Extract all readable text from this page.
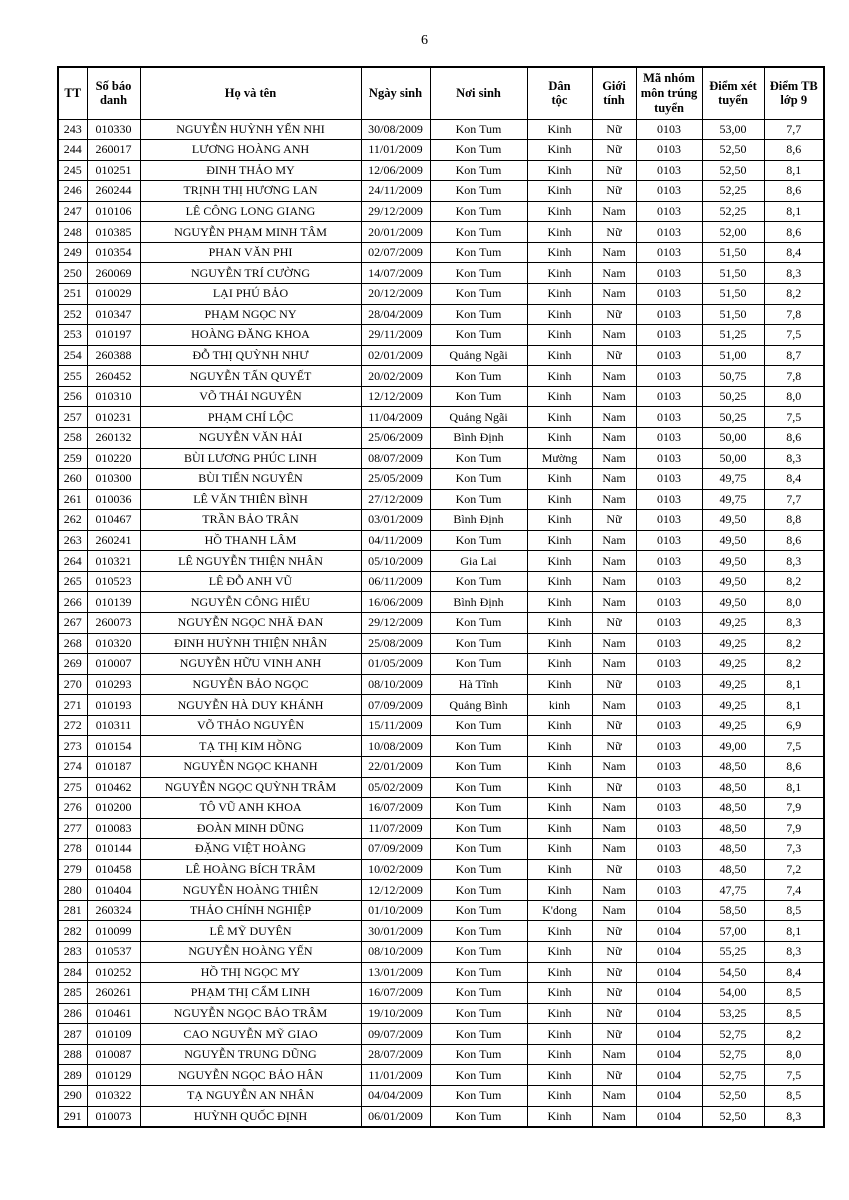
6
TT	Số báo danh	Họ và tên	Ngày sinh	Nơi sinh	Dân tộc	Giới tính	Mã nhóm môn trúng tuyển	Điểm xét tuyển	Điểm TB lớp 9
243	010330	NGUYỄN HUỲNH YẾN NHI	30/08/2009	Kon Tum	Kinh	Nữ	0103	53,00	7,7
244	260017	LƯƠNG HOÀNG ANH	11/01/2009	Kon Tum	Kinh	Nữ	0103	52,50	8,6
245	010251	ĐINH THẢO MY	12/06/2009	Kon Tum	Kinh	Nữ	0103	52,50	8,1
246	260244	TRỊNH THỊ HƯƠNG LAN	24/11/2009	Kon Tum	Kinh	Nữ	0103	52,25	8,6
247	010106	LÊ CÔNG LONG GIANG	29/12/2009	Kon Tum	Kinh	Nam	0103	52,25	8,1
248	010385	NGUYỄN PHẠM MINH TÂM	20/01/2009	Kon Tum	Kinh	Nữ	0103	52,00	8,6
249	010354	PHAN VĂN PHI	02/07/2009	Kon Tum	Kinh	Nam	0103	51,50	8,4
250	260069	NGUYỄN TRÍ CƯỜNG	14/07/2009	Kon Tum	Kinh	Nam	0103	51,50	8,3
251	010029	LẠI PHÚ BẢO	20/12/2009	Kon Tum	Kinh	Nam	0103	51,50	8,2
252	010347	PHẠM NGỌC NY	28/04/2009	Kon Tum	Kinh	Nữ	0103	51,50	7,8
253	010197	HOÀNG ĐĂNG KHOA	29/11/2009	Kon Tum	Kinh	Nam	0103	51,25	7,5
254	260388	ĐỖ THỊ QUỲNH NHƯ	02/01/2009	Quảng Ngãi	Kinh	Nữ	0103	51,00	8,7
255	260452	NGUYỄN TẤN QUYẾT	20/02/2009	Kon Tum	Kinh	Nam	0103	50,75	7,8
256	010310	VÕ THÁI NGUYÊN	12/12/2009	Kon Tum	Kinh	Nam	0103	50,25	8,0
257	010231	PHẠM CHÍ LỘC	11/04/2009	Quảng Ngãi	Kinh	Nam	0103	50,25	7,5
258	260132	NGUYỄN VĂN HẢI	25/06/2009	Bình Định	Kinh	Nam	0103	50,00	8,6
259	010220	BÙI LƯƠNG PHÚC LINH	08/07/2009	Kon Tum	Mường	Nam	0103	50,00	8,3
260	010300	BÙI TIẾN NGUYÊN	25/05/2009	Kon Tum	Kinh	Nam	0103	49,75	8,4
261	010036	LÊ VĂN THIÊN BÌNH	27/12/2009	Kon Tum	Kinh	Nam	0103	49,75	7,7
262	010467	TRẦN BẢO TRÂN	03/01/2009	Bình Định	Kinh	Nữ	0103	49,50	8,8
263	260241	HỒ THANH LÂM	04/11/2009	Kon Tum	Kinh	Nam	0103	49,50	8,6
264	010321	LÊ NGUYỄN THIỆN NHÂN	05/10/2009	Gia Lai	Kinh	Nam	0103	49,50	8,3
265	010523	LÊ ĐỖ ANH VŨ	06/11/2009	Kon Tum	Kinh	Nam	0103	49,50	8,2
266	010139	NGUYỄN CÔNG HIẾU	16/06/2009	Bình Định	Kinh	Nam	0103	49,50	8,0
267	260073	NGUYỄN NGỌC NHÃ ĐAN	29/12/2009	Kon Tum	Kinh	Nữ	0103	49,25	8,3
268	010320	ĐINH HUỲNH THIỆN NHÂN	25/08/2009	Kon Tum	Kinh	Nam	0103	49,25	8,2
269	010007	NGUYỄN HỮU VINH ANH	01/05/2009	Kon Tum	Kinh	Nam	0103	49,25	8,2
270	010293	NGUYỄN BẢO NGỌC	08/10/2009	Hà Tĩnh	Kinh	Nữ	0103	49,25	8,1
271	010193	NGUYỄN HÀ DUY KHÁNH	07/09/2009	Quảng Bình	kinh	Nam	0103	49,25	8,1
272	010311	VÕ THẢO NGUYÊN	15/11/2009	Kon Tum	Kinh	Nữ	0103	49,25	6,9
273	010154	TẠ THỊ KIM HỒNG	10/08/2009	Kon Tum	Kinh	Nữ	0103	49,00	7,5
274	010187	NGUYỄN NGỌC KHANH	22/01/2009	Kon Tum	Kinh	Nam	0103	48,50	8,6
275	010462	NGUYỄN NGỌC QUỲNH TRÂM	05/02/2009	Kon Tum	Kinh	Nữ	0103	48,50	8,1
276	010200	TÔ VŨ ANH KHOA	16/07/2009	Kon Tum	Kinh	Nam	0103	48,50	7,9
277	010083	ĐOÀN MINH DŨNG	11/07/2009	Kon Tum	Kinh	Nam	0103	48,50	7,9
278	010144	ĐẶNG VIỆT HOÀNG	07/09/2009	Kon Tum	Kinh	Nam	0103	48,50	7,3
279	010458	LÊ HOÀNG BÍCH TRÂM	10/02/2009	Kon Tum	Kinh	Nữ	0103	48,50	7,2
280	010404	NGUYỄN HOÀNG THIÊN	12/12/2009	Kon Tum	Kinh	Nam	0103	47,75	7,4
281	260324	THẢO CHÍNH NGHIỆP	01/10/2009	Kon Tum	K'dong	Nam	0104	58,50	8,5
282	010099	LÊ MỸ DUYÊN	30/01/2009	Kon Tum	Kinh	Nữ	0104	57,00	8,1
283	010537	NGUYỄN HOÀNG YẾN	08/10/2009	Kon Tum	Kinh	Nữ	0104	55,25	8,3
284	010252	HỒ THỊ NGỌC MY	13/01/2009	Kon Tum	Kinh	Nữ	0104	54,50	8,4
285	260261	PHẠM THỊ CẨM LINH	16/07/2009	Kon Tum	Kinh	Nữ	0104	54,00	8,5
286	010461	NGUYỄN NGỌC BẢO TRÂM	19/10/2009	Kon Tum	Kinh	Nữ	0104	53,25	8,5
287	010109	CAO NGUYỄN MỸ GIAO	09/07/2009	Kon Tum	Kinh	Nữ	0104	52,75	8,2
288	010087	NGUYỄN TRUNG DŨNG	28/07/2009	Kon Tum	Kinh	Nam	0104	52,75	8,0
289	010129	NGUYỄN NGỌC BẢO HÂN	11/01/2009	Kon Tum	Kinh	Nữ	0104	52,75	7,5
290	010322	TẠ NGUYỄN AN NHÂN	04/04/2009	Kon Tum	Kinh	Nam	0104	52,50	8,5
291	010073	HUỲNH QUỐC ĐỊNH	06/01/2009	Kon Tum	Kinh	Nam	0104	52,50	8,3
